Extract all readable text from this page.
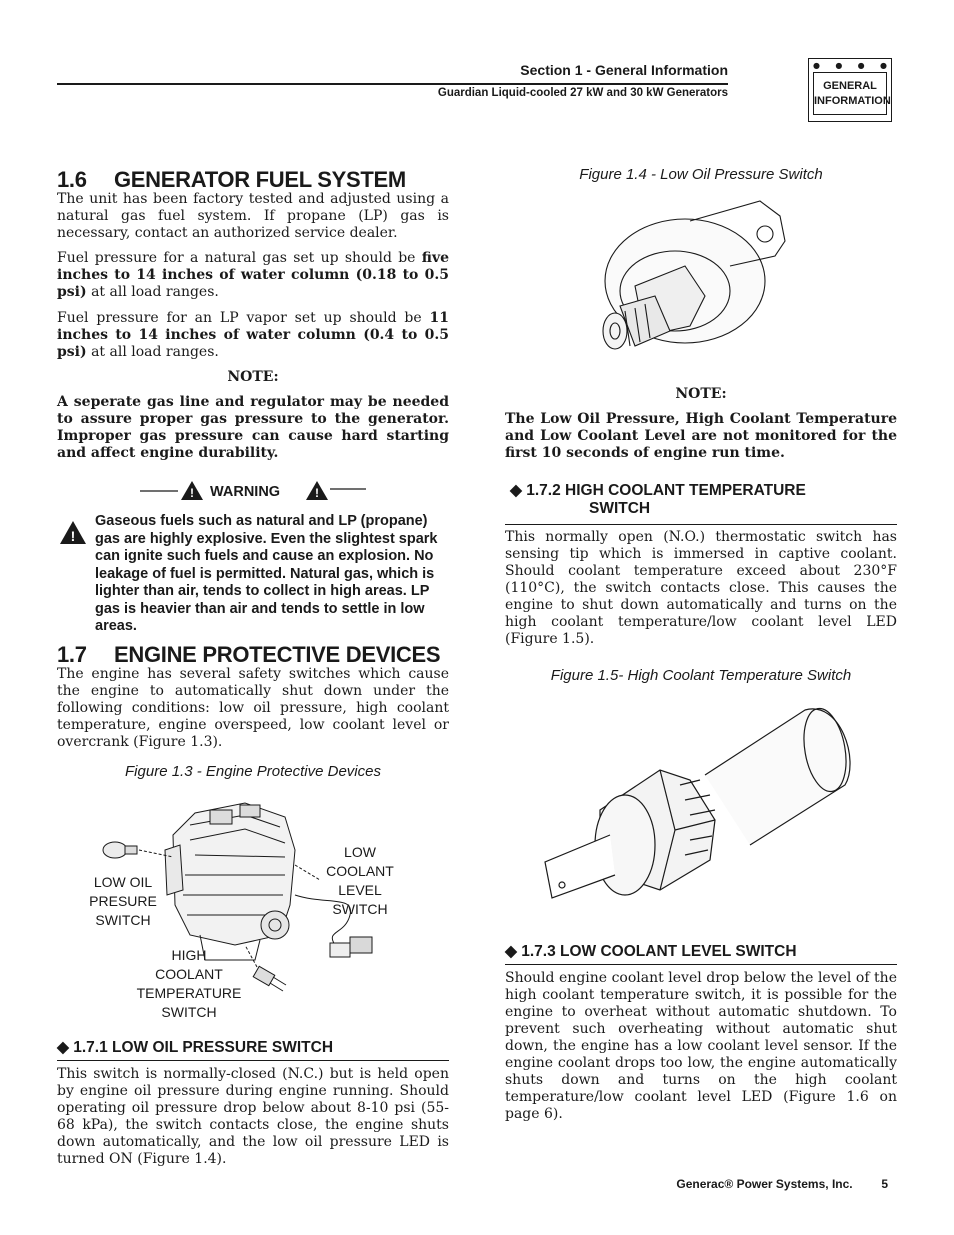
Section 1 - General Information
Guardian Liquid-cooled 27 kW and 30 kW Generators
● ● ● ●
GENERAL
INFORMATION
1.6 GENERATOR FUEL SYSTEM

The unit has been factory tested and adjusted using a natural gas fuel system. If propane (LP) gas is necessary, contact an authorized service dealer.

Fuel pressure for a natural gas set up should be five inches to 14 inches of water column (0.18 to 0.5 psi) at all load ranges.

Fuel pressure for an LP vapor set up should be 11 inches to 14 inches of water column (0.4 to 0.5 psi) at all load ranges.

NOTE:

A seperate gas line and regulator may be needed to assure proper gas pressure to the generator. Improper gas pressure can cause hard starting and affect engine durability.

!	!
WARNING
!
Gaseous fuels such as natural and LP (propane) gas are highly explosive. Even the slightest spark can ignite such fuels and cause an explosion. No leakage of fuel is permitted. Natural gas, which is lighter than air, tends to collect in high areas. LP gas is heavier than air and tends to settle in low areas.
1.7 ENGINE PROTECTIVE DEVICES

The engine has several safety switches which cause the engine to automatically shut down under the following conditions: low oil pressure, high coolant temperature, engine overspeed, low coolant level or overcrank (Figure 1.3).

Figure 1.3 - Engine Protective Devices
LOW COOLANT
LEVEL SWITCH
LOW OIL
PRESURE
SWITCH
HIGH
COOLANT
TEMPERATURE
SWITCH
◆ 1.7.1 LOW OIL PRESSURE SWITCH

This switch is normally-closed (N.C.) but is held open by engine oil pressure during engine running. Should operating oil pressure drop below about 8-10 psi (55-68 kPa), the switch contacts close, the engine shuts down automatically, and the low oil pressure LED is turned ON (Figure 1.4).

Figure 1.4 - Low Oil Pressure Switch
NOTE:

The Low Oil Pressure, High Coolant Temperature and Low Coolant Level are not monitored for the first 10 seconds of engine run time.

◆ 1.7.2 HIGH COOLANT TEMPERATURE
SWITCH

This normally open (N.O.) thermostatic switch has sensing tip which is immersed in captive coolant. Should coolant temperature exceed about 230°F (110°C), the switch contacts close. This causes the engine to shut down automatically and turns on the high coolant temperature/low coolant level LED (Figure 1.5).

Figure 1.5- High Coolant Temperature Switch
◆ 1.7.3 LOW COOLANT LEVEL SWITCH

Should engine coolant level drop below the level of the high coolant temperature switch, it is possible for the engine to overheat without automatic shutdown. To prevent such overheating without automatic shut down, the engine has a low coolant level sensor. If the engine coolant drops too low, the engine automatically shuts down and turns on the high coolant temperature/low coolant level LED (Figure 1.6 on page 6).

Generac® Power Systems, Inc. 5
